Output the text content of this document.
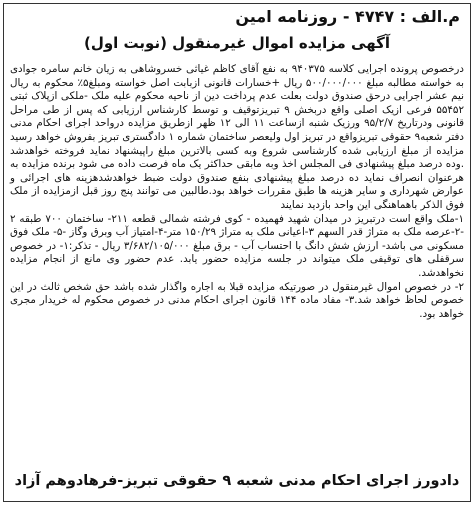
م.الف : ۴۷۴۷ - روزنامه امین
آگهی مزایده اموال غیرمنقول (نوبت اول)

درخصوص پرونده اجرایی کلاسه ۹۴۰۳۷۵ به نفع آقای کاظم غیاثی خسروشاهی به زیان خانم سامره جوادی به خواسته مطالبه مبلغ ۵۰۰/۰۰۰/۰۰۰ ریال +خسارات قانونی ازبابت اصل خواسته ومبلغ۵٪ محکوم به ریال نیم عشر اجرایی درحق صندوق دولت بعلت عدم پرداخت دین از ناحیه محکوم علیه ملک -ملکی ازپلاک ثبتی ۵۵۴۵۲ فرعی ازیک اصلی واقع دربخش ۹ تبریزتوقیف و توسط کارشناس ارزیابی که پس از طی مراحل قانونی ودرتاریخ ۹۵/۲/۷ ورزیک شنبه ازساعت ۱۱ الی ۱۲ ظهر ازطریق مزایده درواحد اجرای احکام مدنی دفتر شعبه۹ حقوقی تبریزواقع در تبریز اول ولیعصر ساختمان شماره ۱ دادگستری تبریز بفروش خواهد رسید مزایده از مبلغ ارزیابی شده کارشناسی شروع وبه کسی بالاترین مبلغ راپیشنهاد نماید فروخته خواهدشد .وده درصد مبلغ پیشنهادی فی المجلس اخذ وبه مابقی حداکثر یک ماه فرصت داده می شود برنده مزایده به هرعنوان انصراف نماید ده درصد مبلغ پیشنهادی بنفع صندوق دولت ضبط خواهدشدهزینه های اجرائی و عوارض شهرداری و سایر هزینه ها طبق مقررات خواهد بود.طالبین می توانند پنج روز قبل ازمزایده از ملک فوق الذکر باهماهنگی این واحد بازدید نمایند

۱-ملک واقع است درتبریز در میدان شهید فهمیده - کوی فرشته شمالی قطعه ۲۱۱- ساختمان ۷۰۰ طبقه ۲ -۲-عرصه ملک به متراژ قدر السهم ۳-اعیانی ملک به متراژ ۱۵۰/۲۹ متر-۴-امتیاز آب وبرق وگاز -۵- ملک فوق مسکونی می باشد- ارزش شش دانگ با احتساب آب - برق مبلغ ۳/۶۸۲/۱۰۵/۰۰۰ ریال - تذکر:۱- در خصوص سرقفلی های توقیفی ملک میتواند در جلسه مزایده حضور یابد. عدم حضور وی مانع از انجام مزایده نخواهدشد.

۲- در خصوص اموال غیرمنقول در صورتیکه مزایده قبلا به اجاره واگذار شده باشد حق شخص ثالث در این خصوص لحاظ خواهد شد.۳- مفاد ماده ۱۴۴ قانون اجرای احکام مدنی در خصوص محکوم له خریدار مجری خواهد بود.

دادورز اجرای احکام مدنی شعبه ۹ حقوقی تبریز-فرهادوهم آزاد
